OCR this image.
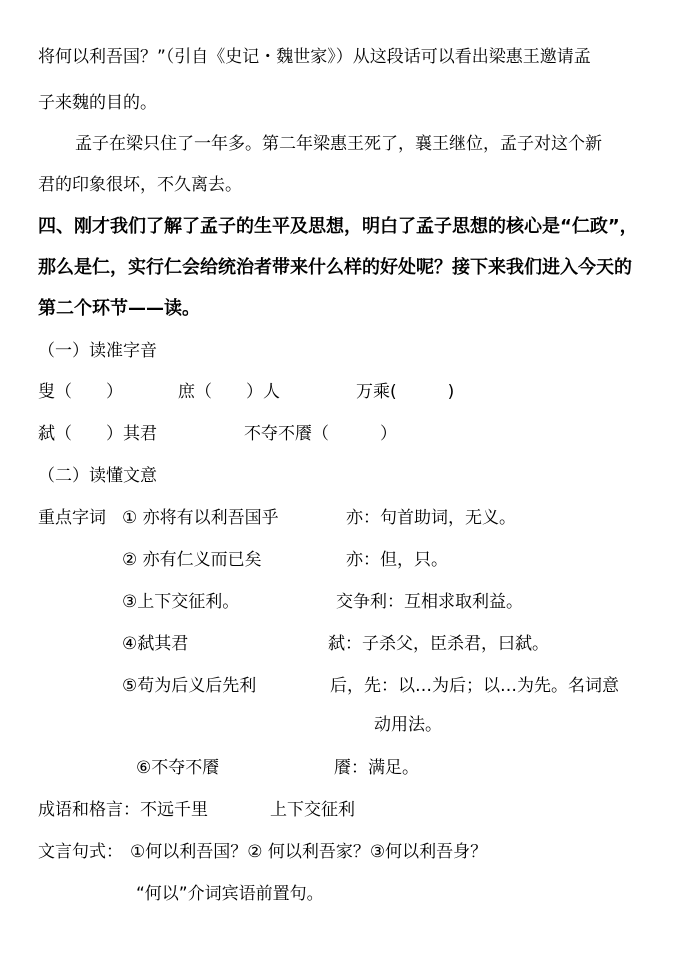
将何以利吾国？”（引自《史记・魏世家》）从这段话可以看出梁惠王邀请孟
子来魏的目的。
孟子在梁只住了一年多。第二年梁惠王死了，襄王继位，孟子对这个新
君的印象很坏，不久离去。
四、刚才我们了解了孟子的生平及思想，明白了孟子思想的核心是“仁政”，
那么是仁，实行仁会给统治者带来什么样的好处呢？接下来我们进入今天的
第二个环节——读。
（一）读准字音
叟（　　）	庶（　　）人	万乘(　　　)
弑（　　）其君	不夺不餍（　　　）
（二）读懂文意
重点字词 ① 亦将有以利吾国乎	亦：句首助词，无义。
② 亦有仁义而已矣	亦：但，只。
③上下交征利。	交争利：互相求取利益。
④弑其君	弑：子杀父，臣杀君，曰弑。
⑤苟为后义后先利	后，先：以…为后；以…为先。名词意
动用法。
⑥不夺不餍	餍：满足。
成语和格言： 不远千里	上下交征利
文言句式： ①何以利吾国？② 何以利吾家？③何以利吾身？
“何以”介词宾语前置句。
